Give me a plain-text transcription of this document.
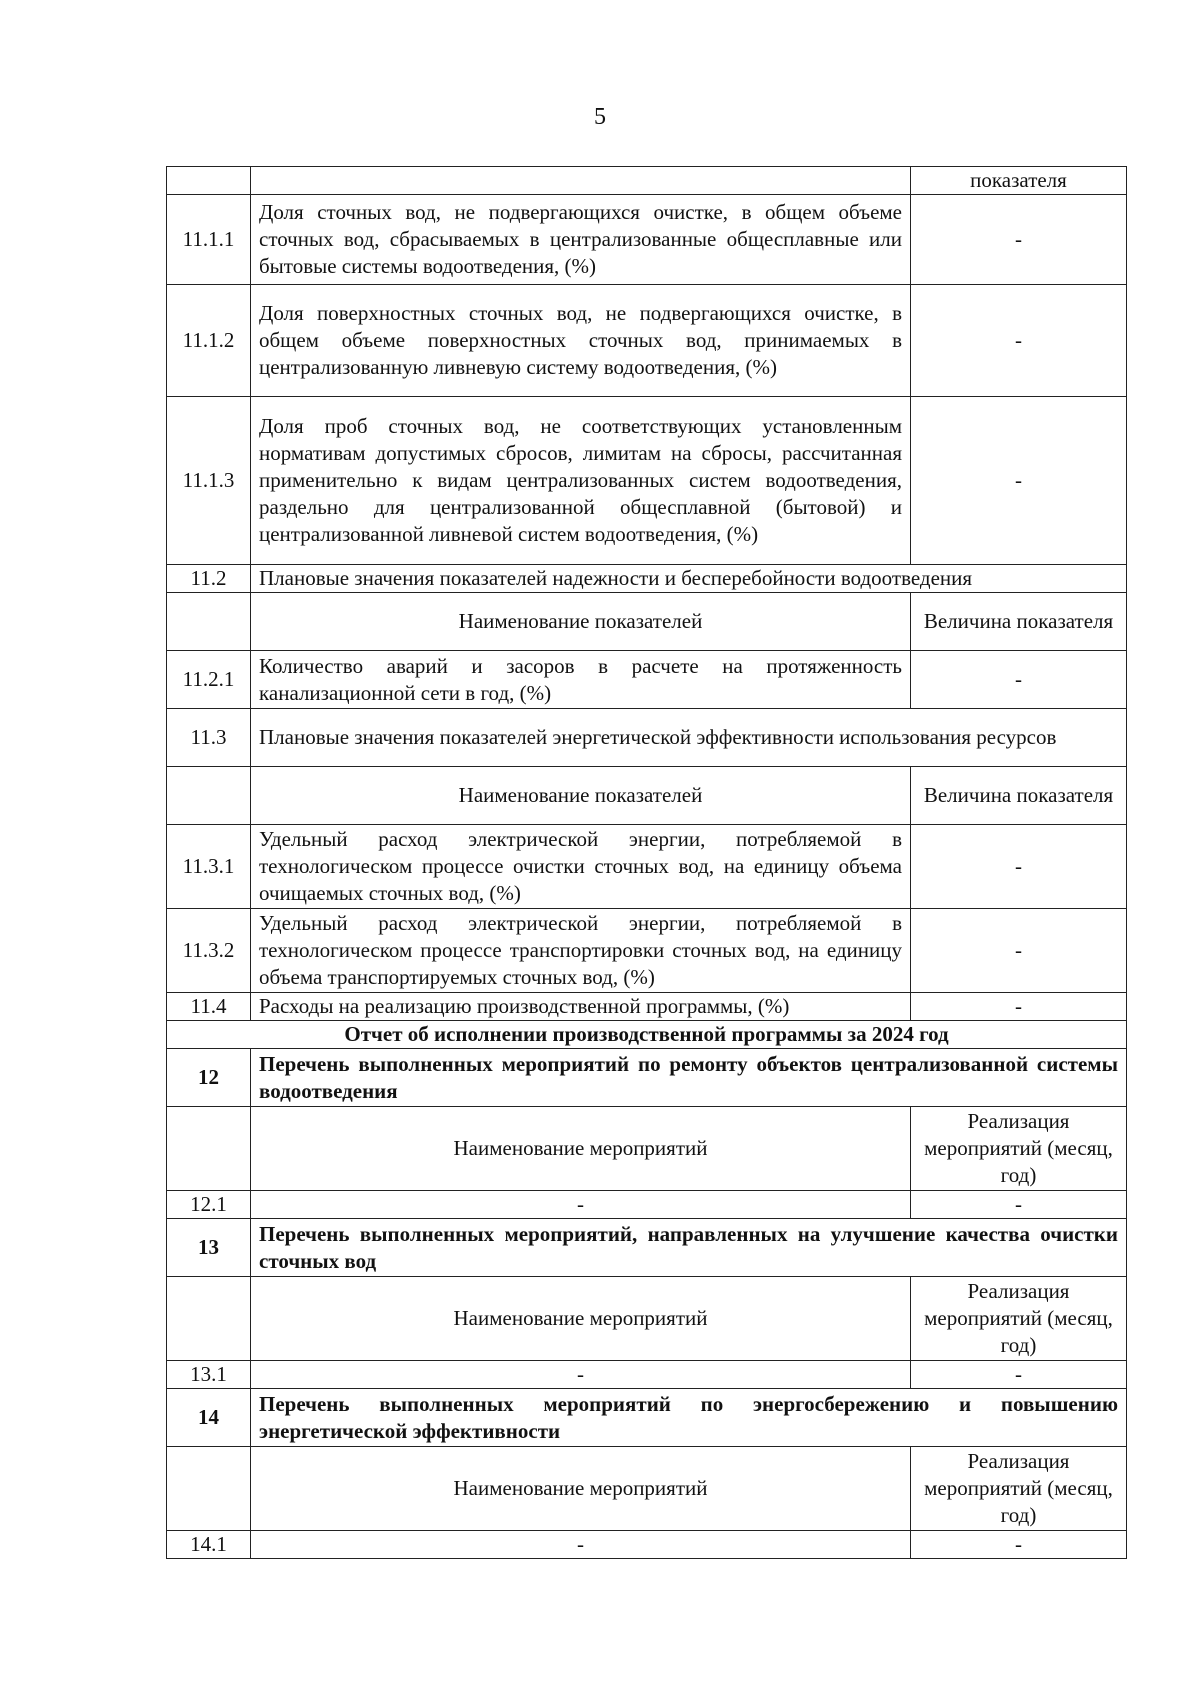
5
		показателя
11.1.1	Доля сточных вод, не подвергающихся очистке, в общем объеме сточных вод, сбрасываемых в централизованные общесплавные или бытовые системы водоотведения, (%)	-
11.1.2	Доля поверхностных сточных вод, не подвергающихся очистке, в общем объеме поверхностных сточных вод, принимаемых в централизованную ливневую систему водоотведения, (%)	-
11.1.3	Доля проб сточных вод, не соответствующих установленным нормативам допустимых сбросов, лимитам на сбросы, рассчитанная применительно к видам централизованных систем водоотведения, раздельно для централизованной общесплавной (бытовой) и централизованной ливневой систем водоотведения, (%)	-
11.2	Плановые значения показателей надежности и бесперебойности водоотведения	
	Наименование показателей	Величина показателя
11.2.1	Количество аварий и засоров в расчете на протяженность канализационной сети в год, (%)	-
11.3	Плановые значения показателей энергетической эффективности использования ресурсов	
	Наименование показателей	Величина показателя
11.3.1	Удельный расход электрической энергии, потребляемой в технологическом процессе очистки сточных вод, на единицу объема очищаемых сточных вод, (%)	-
11.3.2	Удельный расход электрической энергии, потребляемой в технологическом процессе транспортировки сточных вод, на единицу объема транспортируемых сточных вод, (%)	-
11.4	Расходы на реализацию производственной программы, (%)	-
Отчет об исполнении производственной программы за 2024 год		
12	Перечень выполненных мероприятий по ремонту объектов централизованной системы водоотведения	
	Наименование мероприятий	Реализация мероприятий (месяц, год)
12.1	-	-
13	Перечень выполненных мероприятий, направленных на улучшение качества очистки сточных вод	
	Наименование мероприятий	Реализация мероприятий (месяц, год)
13.1	-	-
14	Перечень выполненных мероприятий по энергосбережению и повышению энергетической эффективности	
	Наименование мероприятий	Реализация мероприятий (месяц, год)
14.1	-	-
